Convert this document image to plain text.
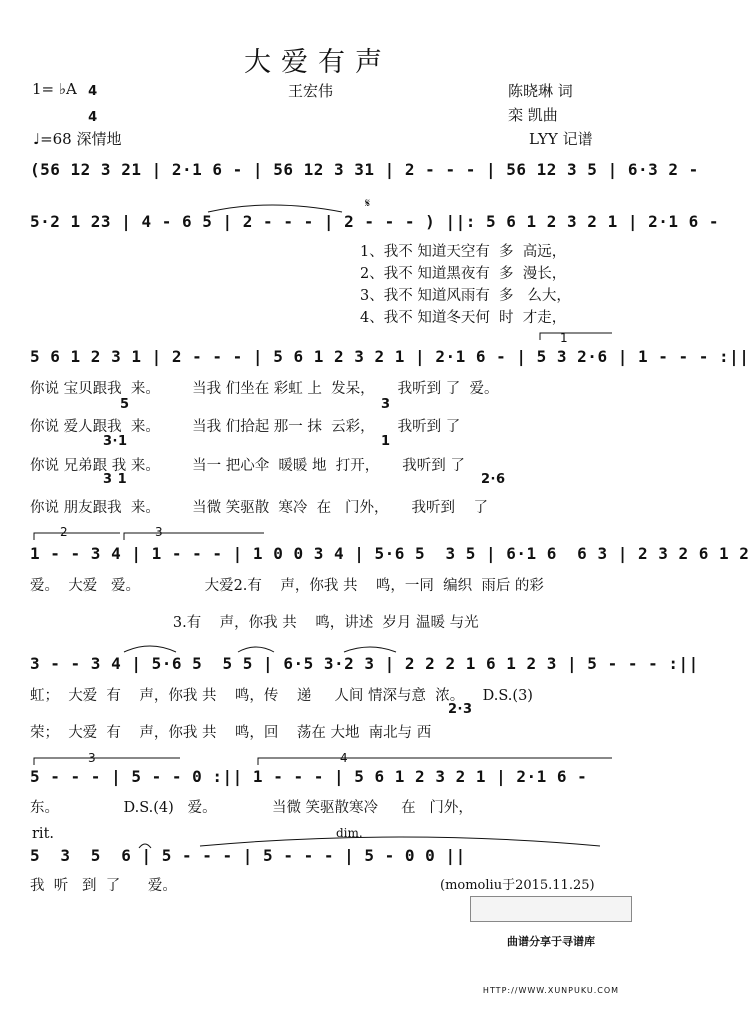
大爱有声
1= ♭A 4

4

王宏伟	陈晓琳 词
栾 凯曲
♩=68 深情地	LYY 记谱
(56 12 3 21 | 2·1 6 - | 56 12 3 31 | 2 - - - | 56 12 3 5 | 6·3 2 -
𝄋
5·2 1 23 | 4 - 6 5 | 2 - - - | 2 - - - ) ||: 5 6 1 2 3 2 1 | 2·1 6 -
1、我不 知道天空有  多  高远，
2、我不 知道黑夜有  多  漫长，
3、我不 知道风雨有  多   么大，
4、我不 知道冬天何  时  才走，
1
5 6 1 2 3 1 | 2 - - - | 5 6 1 2 3 2 1 | 2·1 6 - | 5 3 2·6 | 1 - - - :||
你说 宝贝跟我  来。       当我 们坐在 彩虹 上  发呆，     我听到 了  爱。
5	3
你说 爱人跟我  来。       当我 们拾起 那一 抹  云彩，     我听到 了
3·1	1
你说 兄弟跟 我 来。       当一 把心伞  暖暖 地  打开，     我听到 了
3 1	2·6
你说 朋友跟我  来。       当微 笑驱散  寒冷  在   门外，     我听到    了
2	3
1 - - 3 4 | 1 - - - | 1 0 0 3 4 | 5·6 5  3 5 | 6·1 6  6 3 | 2 3 2 6 1 2
爱。  大爱   爱。              大爱2.有    声，你我 共    鸣，一同  编织  雨后 的彩
3.有    声，你我 共    鸣，讲述  岁月 温暖 与光
3 - - 3 4 | 5·6 5  5 5 | 6·5 3·2 3 | 2 2 2 1 6 1 2 3 | 5 - - - :||
虹；  大爱  有    声，你我 共    鸣，传    递     人间 情深与意  浓。    D.S.(3)
2·3
荣；  大爱  有    声，你我 共    鸣，回    荡在 大地  南北与 西
3	4
5 - - - | 5 - - 0 :|| 1 - - - | 5 6 1 2 3 2 1 | 2·1 6 -
东。              D.S.(4)   爱。            当微 笑驱散寒冷     在   门外，
rit.	dim.
5  3  5  6 | 5 - - - | 5 - - - | 5 - 0 0 ||
我  听   到  了      爱。	(momoliu于2015.11.25)

曲谱分享于寻谱库

HTTP://WWW.XUNPUKU.COM
